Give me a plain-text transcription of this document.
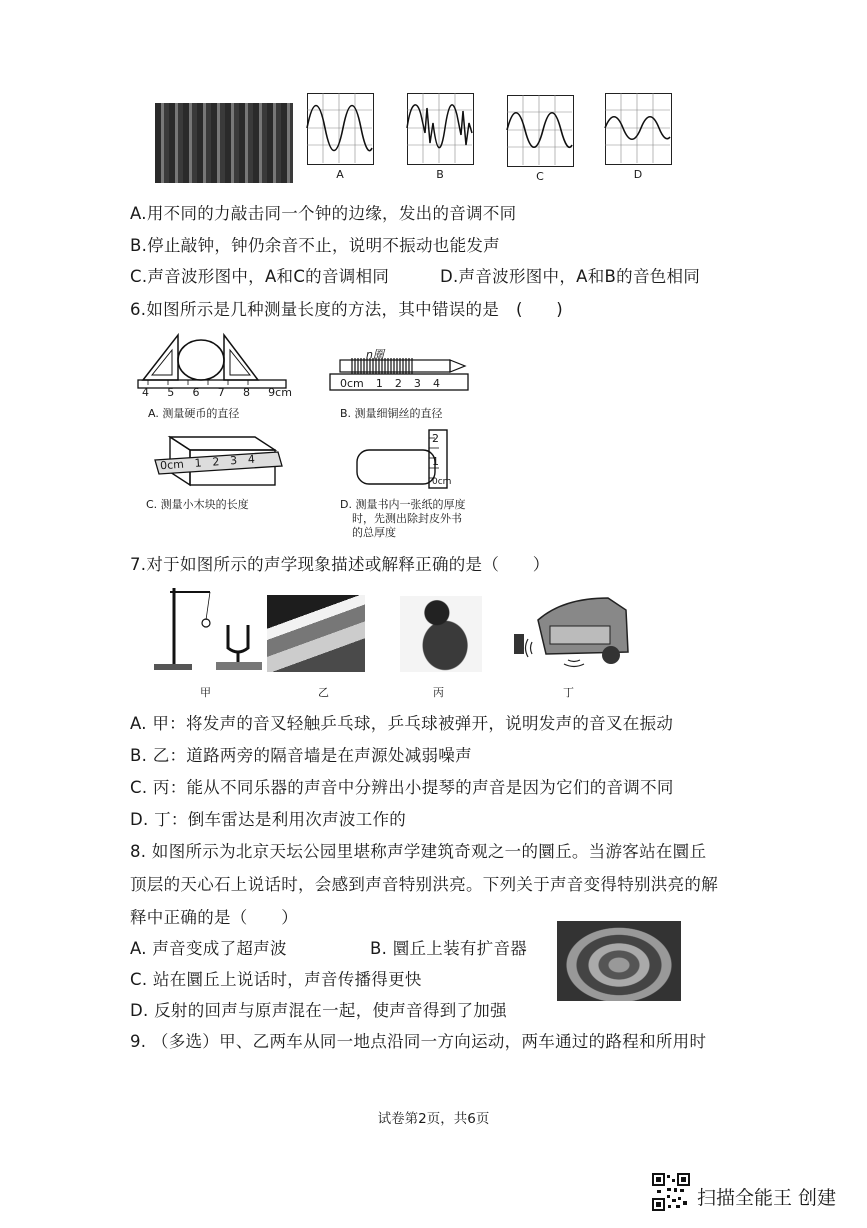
A	B	C	D
A.用不同的力敲击同一个钟的边缘，发出的音调不同
B.停止敲钟，钟仍余音不止，说明不振动也能发声
C.声音波形图中，A和C的音调相同	D.声音波形图中，A和B的音色相同
6.如图所示是几种测量长度的方法，其中错误的是　(　　)
4 5 6 7 8 9cm
A. 测量硬币的直径
n圈
0cm 1 2 3 4
B. 测量细铜丝的直径
0cm 1 2 3 4
C. 测量小木块的长度
0cm
1
2
D. 测量书内一张纸的厚度
时，先测出除封皮外书
的总厚度
7.对于如图所示的声学现象描述或解释正确的是（　　）
甲	乙	丙	丁
A. 甲：将发声的音叉轻触乒乓球，乒乓球被弹开，说明发声的音叉在振动
B. 乙：道路两旁的隔音墙是在声源处减弱噪声
C. 丙：能从不同乐器的声音中分辨出小提琴的声音是因为它们的音调不同
D. 丁：倒车雷达是利用次声波工作的
8. 如图所示为北京天坛公园里堪称声学建筑奇观之一的圜丘。当游客站在圜丘
顶层的天心石上说话时，会感到声音特别洪亮。下列关于声音变得特别洪亮的解
释中正确的是（　　）
A. 声音变成了超声波	B. 圜丘上装有扩音器
C. 站在圜丘上说话时，声音传播得更快
D. 反射的回声与原声混在一起，使声音得到了加强
9. （多选）甲、乙两车从同一地点沿同一方向运动，两车通过的路程和所用时
试卷第2页，共6页
扫描全能王 创建
